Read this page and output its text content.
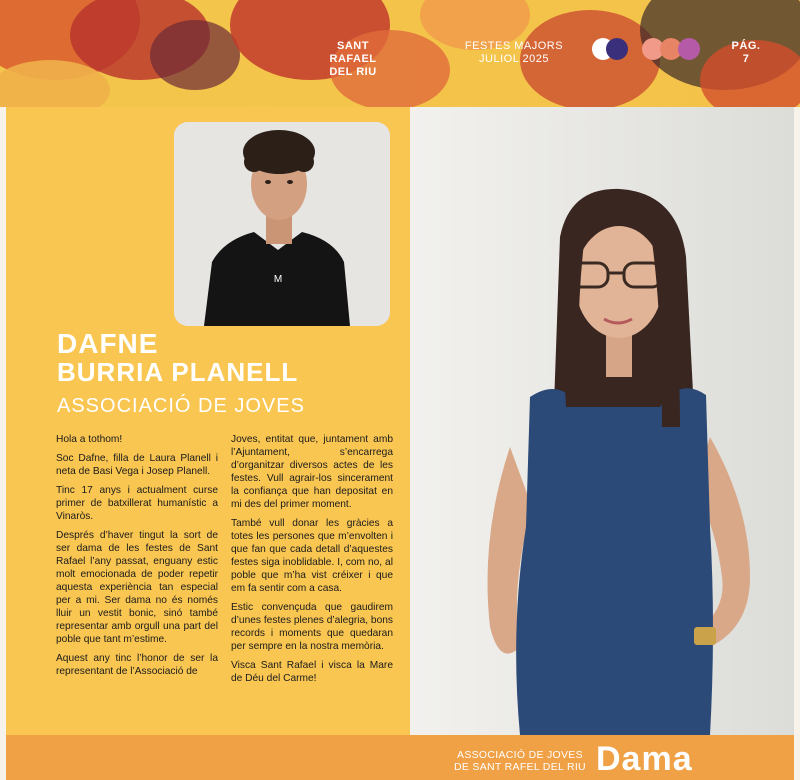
SANT RAFAEL
DEL RIU
FESTES MAJORS
JULIOL 2025
PÁG.
7
M
DAFNE
BURRIA PLANELL
ASSOCIACIÓ DE JOVES

Hola a tothom!

Soc Dafne, filla de Laura Planell i neta de Basi Vega i Josep Planell.

Tinc 17 anys i actualment curse primer de batxillerat humanístic a Vinaròs.

Després d’haver tingut la sort de ser dama de les festes de Sant Rafael l’any passat, enguany estic molt emocionada de poder repetir aquesta experiència tan especial per a mi. Ser dama no és només lluir un vestit bonic, sinó també representar amb orgull una part del poble que tant m’estime.

Aquest any tinc l’honor de ser la representant de l’Associació de

Joves, entitat que, juntament amb l’Ajuntament, s’encarrega d’organitzar diversos actes de les festes. Vull agrair-los sincerament la confiança que han depositat en mi des del primer moment.

També vull donar les gràcies a totes les persones que m’envolten i que fan que cada detall d’aquestes festes siga inoblidable. I, com no, al poble que m’ha vist créixer i que em fa sentir com a casa.

Estic convençuda que gaudirem d’unes festes plenes d’alegria, bons records i moments que quedaran per sempre en la nostra memòria.

Visca Sant Rafael i visca la Mare de Déu del Carme!

ASSOCIACIÓ DE JOVES
DE SANT RAFEL DEL RIU Dama
